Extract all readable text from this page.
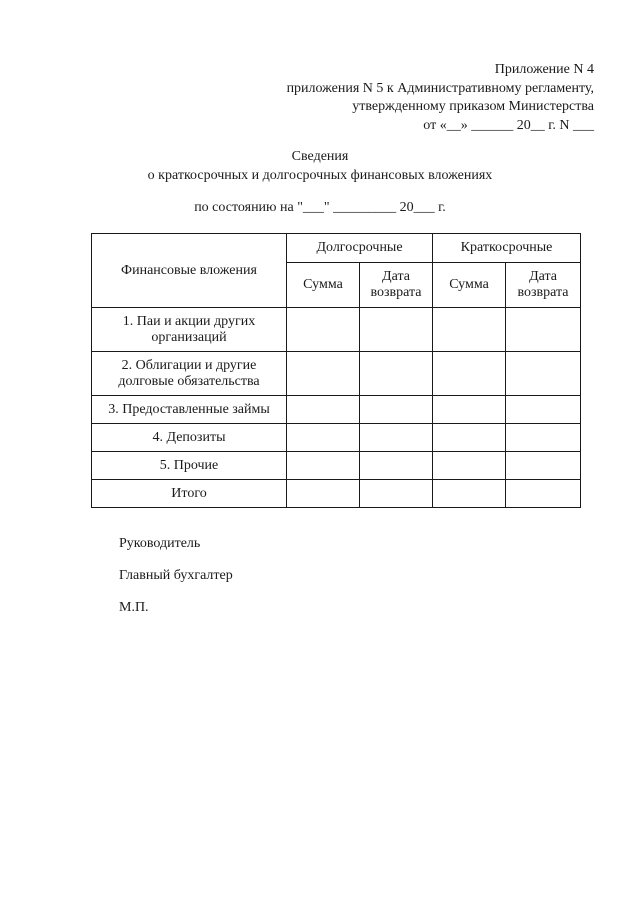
Приложение N 4
приложения N 5 к Административному регламенту,
утвержденному приказом Министерства
от «__» ______ 20__ г. N ___
Сведения
о краткосрочных и долгосрочных финансовых вложениях
по состоянию на "___" _________ 20___ г.
Финансовые вложения	Долгосрочные		Краткосрочные	
	Сумма	Дата возврата	Сумма	Дата возврата
1. Паи и акции других организаций				
2. Облигации и другие долговые обязательства				
3. Предоставленные займы				
4. Депозиты				
5. Прочие				
Итого				
Руководитель
Главный бухгалтер
М.П.
